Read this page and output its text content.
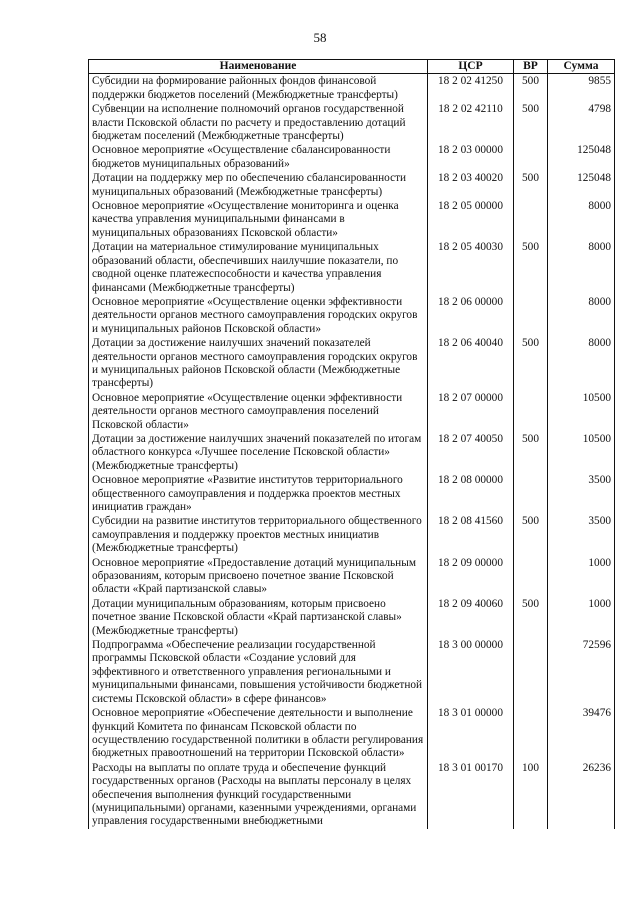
58
Наименование	ЦСР	ВР	Сумма
Субсидии на формирование районных фондов финансовой поддержки бюджетов поселений (Межбюджетные трансферты)	18 2 02 41250	500	9855
Субвенции на исполнение полномочий органов государственной власти Псковской области по расчету и предоставлению дотаций бюджетам поселений (Межбюджетные трансферты)	18 2 02 42110	500	4798
Основное мероприятие «Осуществление сбалансированности бюджетов муниципальных образований»	18 2 03 00000		125048
Дотации на поддержку мер по обеспечению сбалансированности муниципальных образований (Межбюджетные трансферты)	18 2 03 40020	500	125048
Основное мероприятие «Осуществление мониторинга и оценка качества управления муниципальными финансами в муниципальных образованиях Псковской области»	18 2 05 00000		8000
Дотации на материальное стимулирование муниципальных образований области, обеспечивших наилучшие показатели, по сводной оценке платежеспособности и качества управления финансами (Межбюджетные трансферты)	18 2 05 40030	500	8000
Основное мероприятие «Осуществление оценки эффективности деятельности органов местного самоуправления городских округов и муниципальных районов Псковской области»	18 2 06 00000		8000
Дотации за достижение наилучших значений показателей деятельности органов местного самоуправления городских округов и муниципальных районов Псковской области (Межбюджетные трансферты)	18 2 06 40040	500	8000
Основное мероприятие «Осуществление оценки эффективности деятельности органов местного самоуправления поселений Псковской области»	18 2 07 00000		10500
Дотации за достижение наилучших значений показателей по итогам областного конкурса «Лучшее поселение Псковской области» (Межбюджетные трансферты)	18 2 07 40050	500	10500
Основное мероприятие «Развитие институтов территориального общественного самоуправления и поддержка проектов местных инициатив граждан»	18 2 08 00000		3500
Субсидии на развитие институтов территориального общественного самоуправления и поддержку проектов местных инициатив (Межбюджетные трансферты)	18 2 08 41560	500	3500
Основное мероприятие «Предоставление дотаций муниципальным образованиям, которым присвоено почетное звание Псковской области «Край партизанской славы»	18 2 09 00000		1000
Дотации муниципальным образованиям, которым присвоено почетное звание Псковской области «Край партизанской славы» (Межбюджетные трансферты)	18 2 09 40060	500	1000
Подпрограмма «Обеспечение реализации государственной программы Псковской области «Создание условий для эффективного и ответственного управления региональными и муниципальными финансами, повышения устойчивости бюджетной системы Псковской области» в сфере финансов»	18 3 00 00000		72596
Основное мероприятие «Обеспечение деятельности и выполнение функций Комитета по финансам Псковской области по осуществлению государственной политики в области регулирования бюджетных правоотношений на территории Псковской области»	18 3 01 00000		39476
Расходы на выплаты по оплате труда и обеспечение функций государственных органов (Расходы на выплаты персоналу в целях обеспечения выполнения функций государственными (муниципальными) органами, казенными учреждениями, органами управления государственными внебюджетными	18 3 01 00170	100	26236
